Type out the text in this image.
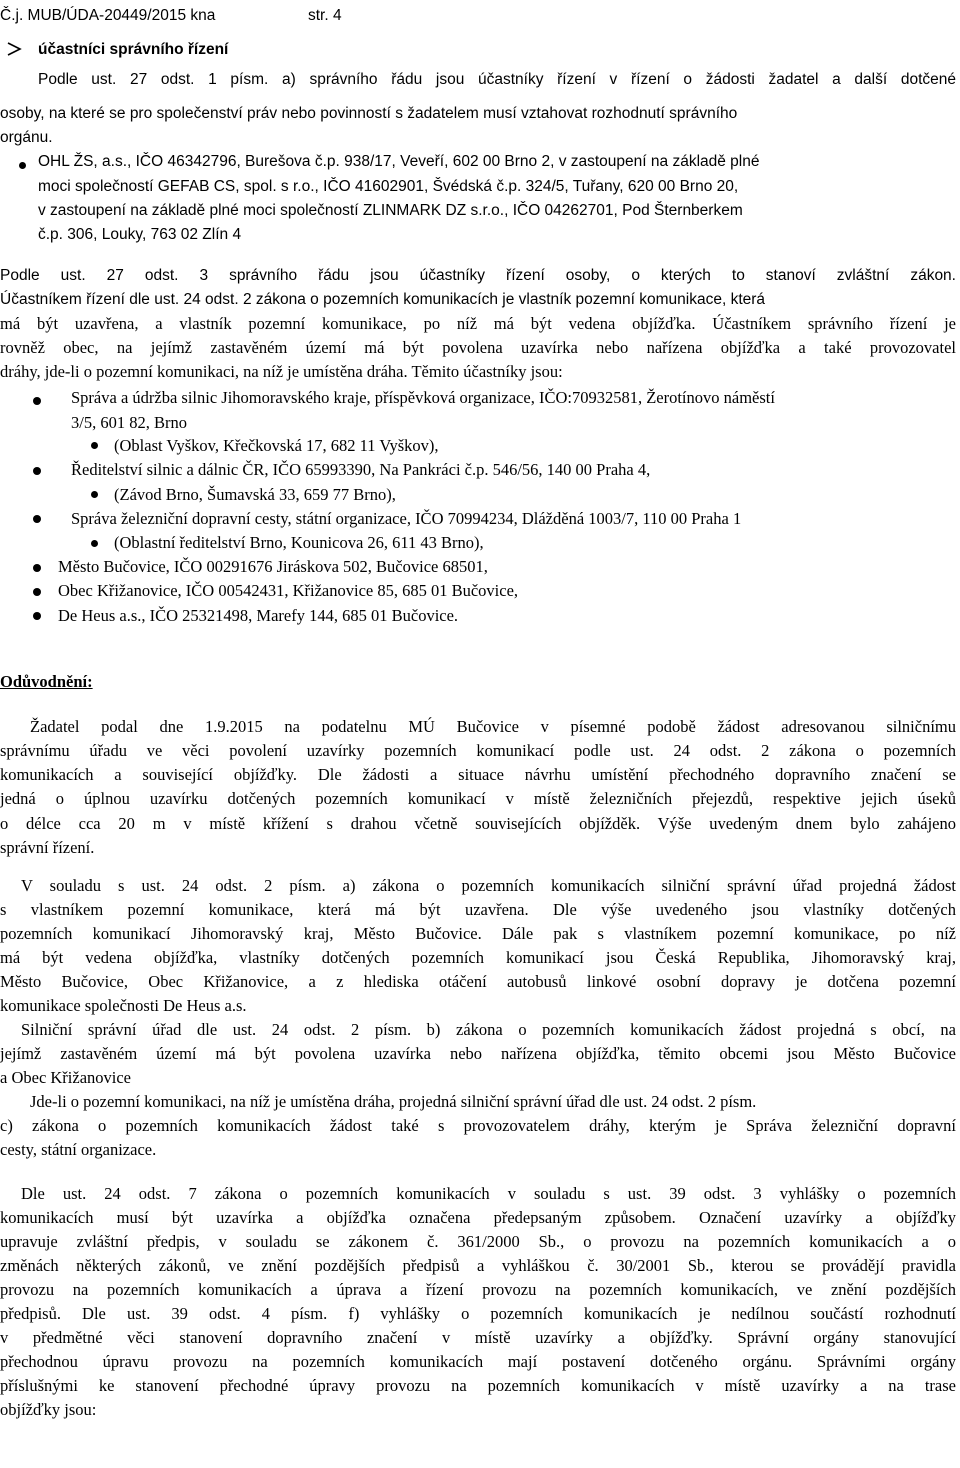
Č.j. MUB/ÚDA-20449/2015 kna	str. 4
účastníci správního řízení
Podle ust. 27 odst. 1 písm. a) správního řádu jsou účastníky řízení v řízení o žádosti žadatel a další dotčené
osoby, na které se pro společenství práv nebo povinností s žadatelem musí vztahovat rozhodnutí správního
orgánu.
OHL ŽS, a.s., IČO 46342796, Burešova č.p. 938/17, Veveří, 602 00 Brno 2, v zastoupení na základě plné
moci společností GEFAB CS, spol. s r.o., IČO 41602901, Švédská č.p. 324/5, Tuřany, 620 00 Brno 20,
v zastoupení na základě plné moci společností ZLINMARK DZ s.r.o., IČO 04262701, Pod Šternberkem
č.p. 306, Louky, 763 02 Zlín 4
Podle ust. 27 odst. 3 správního řádu jsou účastníky řízení osoby, o kterých to stanoví zvláštní zákon.
Účastníkem řízení dle ust. 24 odst. 2 zákona o pozemních komunikacích je vlastník pozemní komunikace, která
má být uzavřena, a vlastník pozemní komunikace, po níž má být vedena objížďka. Účastníkem správního řízení je
rovněž obec, na jejímž zastavěném území má být povolena uzavírka nebo nařízena objížďka a také provozovatel
dráhy, jde-li o pozemní komunikaci, na níž je umístěna dráha. Těmito účastníky jsou:
Správa a údržba silnic Jihomoravského kraje, příspěvková organizace, IČO:70932581, Žerotínovo náměstí
3/5, 601 82, Brno
(Oblast Vyškov, Křečkovská 17, 682 11 Vyškov),
Ředitelství silnic a dálnic ČR, IČO 65993390, Na Pankráci č.p. 546/56, 140 00 Praha 4,
(Závod Brno, Šumavská 33, 659 77 Brno),
Správa železniční dopravní cesty, státní organizace, IČO 70994234, Dlážděná 1003/7, 110 00 Praha 1
(Oblastní ředitelství Brno, Kounicova 26, 611 43 Brno),
Město Bučovice, IČO 00291676 Jiráskova 502, Bučovice 68501,
Obec Křižanovice, IČO 00542431, Křižanovice 85, 685 01 Bučovice,
De Heus a.s., IČO 25321498, Marefy 144, 685 01 Bučovice.
Odůvodnění:
Žadatel podal dne 1.9.2015 na podatelnu MÚ Bučovice v písemné podobě žádost adresovanou silničnímu
správnímu úřadu ve věci povolení uzavírky pozemních komunikací podle ust. 24 odst. 2 zákona o pozemních
komunikacích a související objížďky. Dle žádosti a situace návrhu umístění přechodného dopravního značení se
jedná o úplnou uzavírku dotčených pozemních komunikací v místě železničních přejezdů, respektive jejich úseků
o délce cca 20 m v místě křížení s drahou včetně souvisejících objížděk. Výše uvedeným dnem bylo zahájeno
správní řízení.
V souladu s ust. 24 odst. 2 písm. a) zákona o pozemních komunikacích silniční správní úřad projedná žádost
s vlastníkem pozemní komunikace, která má být uzavřena. Dle výše uvedeného jsou vlastníky dotčených
pozemních komunikací Jihomoravský kraj, Město Bučovice. Dále pak s vlastníkem pozemní komunikace, po níž
má být vedena objížďka, vlastníky dotčených pozemních komunikací jsou Česká Republika, Jihomoravský kraj,
Město Bučovice, Obec Křižanovice, a z hlediska otáčení autobusů linkové osobní dopravy je dotčena pozemní
komunikace společnosti De Heus a.s.
Silniční správní úřad dle ust. 24 odst. 2 písm. b) zákona o pozemních komunikacích žádost projedná s obcí, na
jejímž zastavěném území má být povolena uzavírka nebo nařízena objížďka, těmito obcemi jsou Město Bučovice
a Obec Křižanovice
Jde-li o pozemní komunikaci, na níž je umístěna dráha, projedná silniční správní úřad dle ust. 24 odst. 2 písm.
c) zákona o pozemních komunikacích žádost také s provozovatelem dráhy, kterým je Správa železniční dopravní
cesty, státní organizace.
Dle ust. 24 odst. 7 zákona o pozemních komunikacích v souladu s ust. 39 odst. 3 vyhlášky o pozemních
komunikacích musí být uzavírka a objížďka označena předepsaným způsobem. Označení uzavírky a objížďky
upravuje zvláštní předpis, v souladu se zákonem č. 361/2000 Sb., o provozu na pozemních komunikacích a o
změnách některých zákonů, ve znění pozdějších předpisů a vyhláškou č. 30/2001 Sb., kterou se provádějí pravidla
provozu na pozemních komunikacích a úprava a řízení provozu na pozemních komunikacích, ve znění pozdějších
předpisů. Dle ust. 39 odst. 4 písm. f) vyhlášky o pozemních komunikacích je nedílnou součástí rozhodnutí
v předmětné věci stanovení dopravního značení v místě uzavírky a objížďky. Správní orgány stanovující
přechodnou úpravu provozu na pozemních komunikacích mají postavení dotčeného orgánu. Správními orgány
příslušnými ke stanovení přechodné úpravy provozu na pozemních komunikacích v místě uzavírky a na trase
objížďky jsou:
